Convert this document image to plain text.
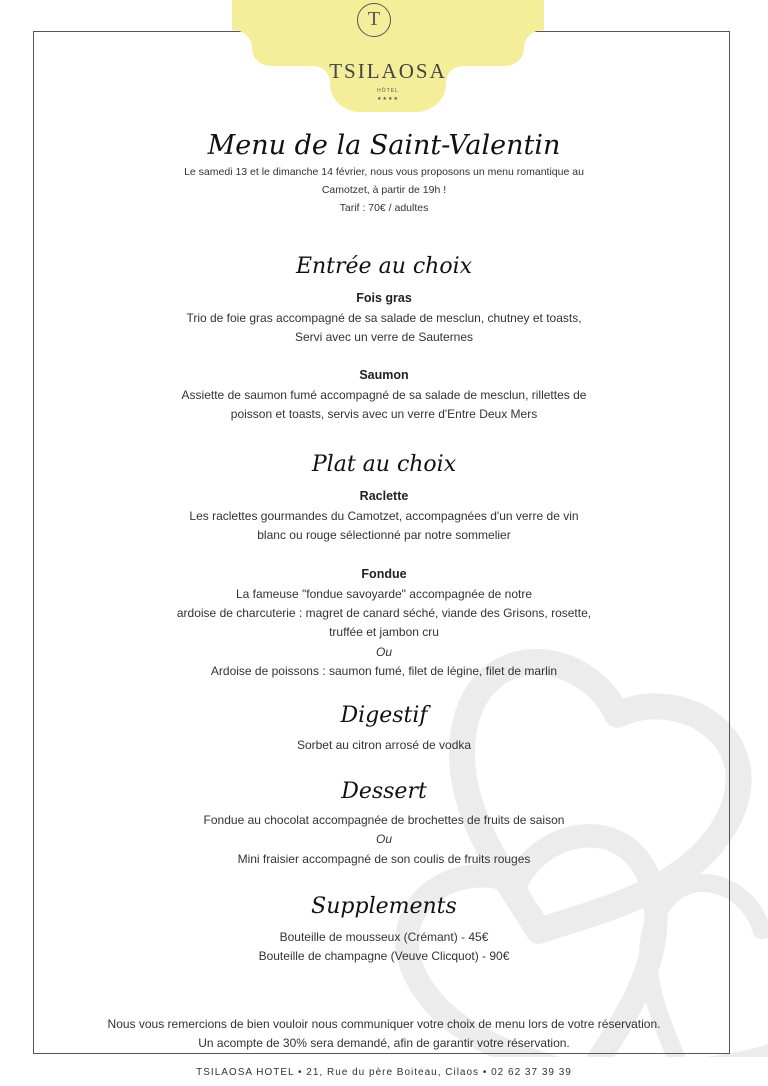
T
TSILAOSA
HÔTEL
★★★★
Menu de la Saint-Valentin
Le samedi 13 et le dimanche 14 février, nous vous proposons un menu romantique au
Camotzet, à partir de 19h !
Tarif : 70€ / adultes
Entrée au choix
Fois gras
Trio de foie gras accompagné de sa salade de mesclun, chutney et toasts,
Servi avec un verre de Sauternes
Saumon
Assiette de saumon fumé accompagné de sa salade de mesclun, rillettes de
poisson et toasts, servis avec un verre d'Entre Deux Mers
Plat au choix
Raclette
Les raclettes gourmandes du Camotzet, accompagnées d'un verre de vin
blanc ou rouge sélectionné par notre sommelier
Fondue
La fameuse "fondue savoyarde" accompagnée de notre
ardoise de charcuterie : magret de canard séché, viande des Grisons, rosette,
truffée et jambon cru
Ou
Ardoise de poissons : saumon fumé, filet de légine, filet de marlin
Digestif
Sorbet au citron arrosé de vodka
Dessert
Fondue au chocolat accompagnée de brochettes de fruits de saison
Ou
Mini fraisier accompagné de son coulis de fruits rouges
Supplements
Bouteille de mousseux (Crémant) - 45€
Bouteille de champagne (Veuve Clicquot) - 90€
Nous vous remercions de bien vouloir nous communiquer votre choix de menu lors de votre réservation.
Un acompte de 30% sera demandé, afin de garantir votre réservation.
TSILAOSA HOTEL • 21, Rue du père Boiteau, Cilaos • 02 62 37 39 39
